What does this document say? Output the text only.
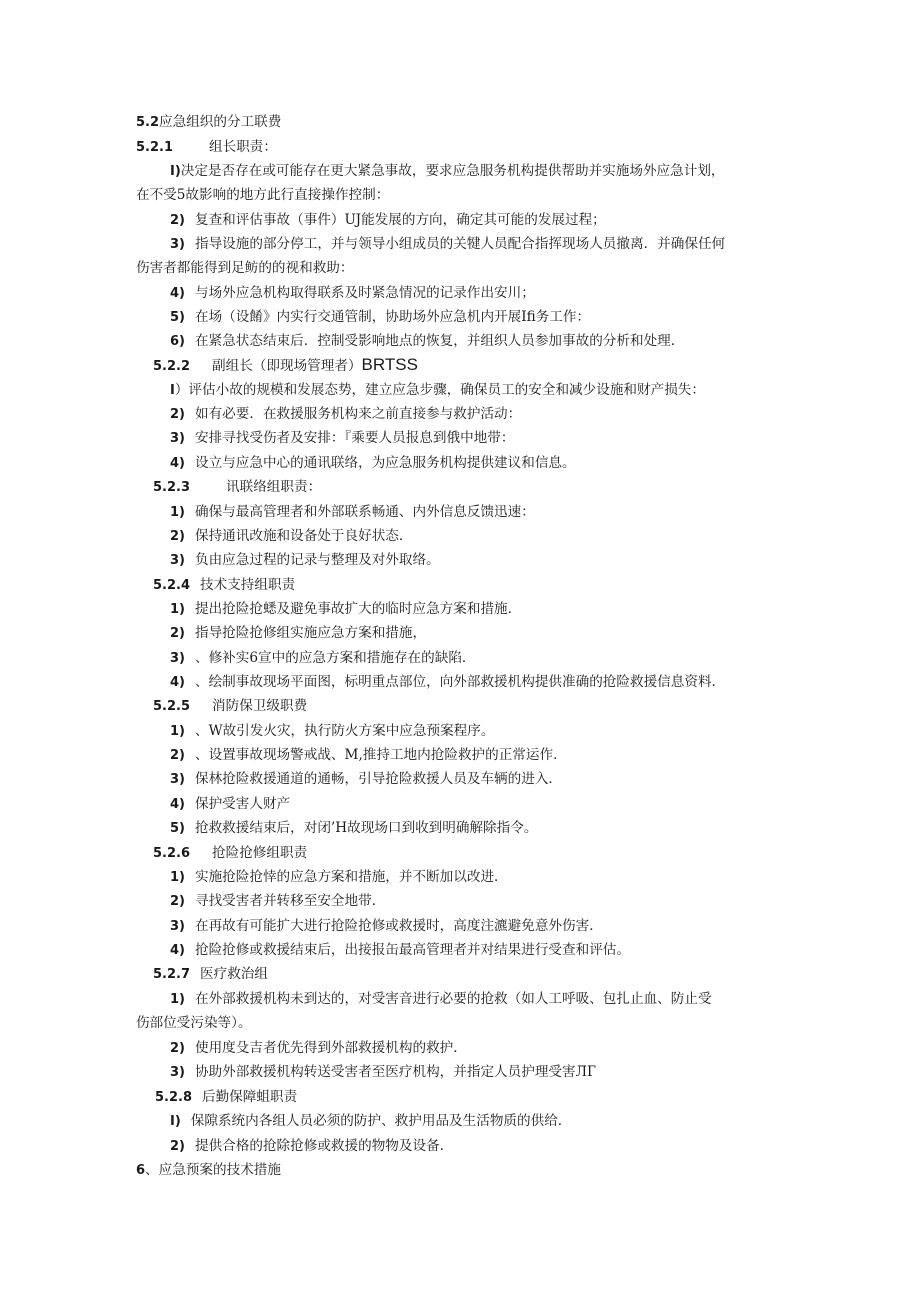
5.2应急组织的分工联费
5.2.1	组长职责：
I)决定是否存在或可能存在更大紧急事故，要求应急服务机构提供帮助并实施场外应急计划，
在不受5故影响的地方此行直接操作控制：
2) 复查和评估事故（事件）UJ能发展的方向，确定其可能的发展过程；
3) 指导设施的部分停工，并与领导小组成员的关犍人员配合指挥现场人员撤离．并确保任何
伤害者都能得到足鲂的的视和救助：
4) 与场外应急机构取得联系及时紧急情况的记录作出安川；
5) 在场（设餚》内实行交通管制，协助场外应急机内开展Ifi务工作：
6) 在紧急状态结束后．控制受影响地点的恢复，并组织人员参加事故的分析和处理．
5.2.2 副组长（即现场管理者）BRTSS
I）评估小故的规模和发展态势，建立应急步骤，确保员工的安全和减少设施和财产损失：
2) 如有必要．在救援服务机构来之前直接参与救护活动：
3) 安排寻找受伤者及安排：『乘要人员报息到俄中地带：
4) 设立与应急中心的通讯联络，为应急服务机构提供建议和信息。
5.2.3	讯联络组职责：
1) 确保与最高管理者和外部联系畅通、内外信息反馈迅速：
2) 保持通讯改施和设备处于良好状态．
3) 负由应急过程的记录与整理及对外取络。
5.2.4 技术支持组职责
1) 提出抢险抢蟋及避免事故扩大的临时应急方案和措施．
2) 指导抢险抢修组实施应急方案和措施，
3) 、修补实6宣中的应急方案和措施存在的缺陷．
4) 、绘制事故现场平面图，标明重点部位，向外部救援机构提供准确的抢险救援信息资料．
5.2.5 消防保卫级职费
1) 、W故引发火灾，执行防火方案中应急预案程序。
2) 、设置事故现场警戒战、M,推持工地内抢险救护的正常运作．
3) 保林抢险救援通道的通畅，引导抢险救援人员及车辆的进入．
4) 保护受害人财产
5) 抢救救援结束后，对闭’H故现场口到收到明确解除指令。
5.2.6 抢险抢修组职责
1) 实施抢险抢悻的应急方案和措施，并不断加以改进．
2) 寻找受害者并转移至安全地带．
3) 在再故有可能扩大进行抢险抢修或救援时，高度注瀌避免意外伤害．
4) 抢险抢修或救援结束后，出接报缶最高管理者并对结果进行受查和评估。
5.2.7 医疗救治组
1) 在外部救援机构未到达的，对受害音进行必要的抢救（如人工呼吸、包扎止血、防止受
伤部位受污染等）。
2) 使用度殳吉者优先得到外部救援机构的救护．
3) 协助外部救援机构转送受害者至医疗机构，并指定人员护理受害ЛГ
5.2.8 后勤保障蛆职责
I) 保隙系统内各组人员必须的防护、救护用品及生活物质的供给．
2) 提供合格的抢除抢修或救援的物物及设备．
6、应急预案的技术措施
